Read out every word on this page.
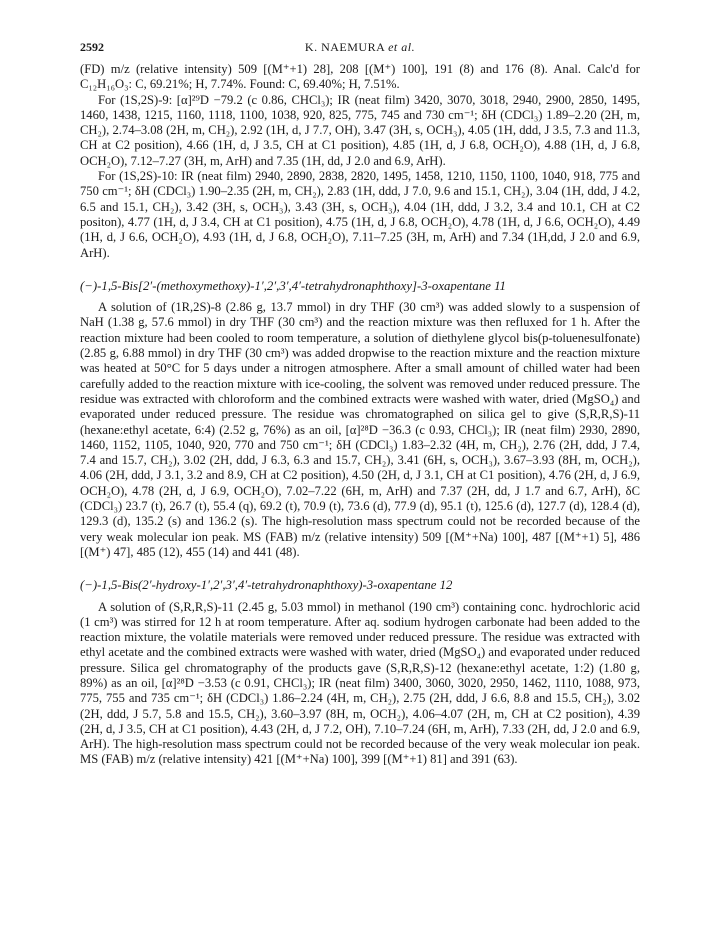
2592	K. NAEMURA et al.

(FD) m/z (relative intensity) 509 [(M⁺+1) 28], 208 [(M⁺) 100], 191 (8) and 176 (8). Anal. Calc'd for C₁₂H₁₆O₃: C, 69.21%; H, 7.74%. Found: C, 69.40%; H, 7.51%.

For (1S,2S)-9: [α]²⁹D −79.2 (c 0.86, CHCl₃); IR (neat film) 3420, 3070, 3018, 2940, 2900, 2850, 1495, 1460, 1438, 1215, 1160, 1118, 1100, 1038, 920, 825, 775, 745 and 730 cm⁻¹; δH (CDCl₃) 1.89–2.20 (2H, m, CH₂), 2.74–3.08 (2H, m, CH₂), 2.92 (1H, d, J 7.7, OH), 3.47 (3H, s, OCH₃), 4.05 (1H, ddd, J 3.5, 7.3 and 11.3, CH at C2 position), 4.66 (1H, d, J 3.5, CH at C1 position), 4.85 (1H, d, J 6.8, OCH₂O), 4.88 (1H, d, J 6.8, OCH₂O), 7.12–7.27 (3H, m, ArH) and 7.35 (1H, dd, J 2.0 and 6.9, ArH).

For (1S,2S)-10: IR (neat film) 2940, 2890, 2838, 2820, 1495, 1458, 1210, 1150, 1100, 1040, 918, 775 and 750 cm⁻¹; δH (CDCl₃) 1.90–2.35 (2H, m, CH₂), 2.83 (1H, ddd, J 7.0, 9.6 and 15.1, CH₂), 3.04 (1H, ddd, J 4.2, 6.5 and 15.1, CH₂), 3.42 (3H, s, OCH₃), 3.43 (3H, s, OCH₃), 4.04 (1H, ddd, J 3.2, 3.4 and 10.1, CH at C2 positon), 4.77 (1H, d, J 3.4, CH at C1 position), 4.75 (1H, d, J 6.8, OCH₂O), 4.78 (1H, d, J 6.6, OCH₂O), 4.49 (1H, d, J 6.6, OCH₂O), 4.93 (1H, d, J 6.8, OCH₂O), 7.11–7.25 (3H, m, ArH) and 7.34 (1H,dd, J 2.0 and 6.9, ArH).

(−)-1,5-Bis[2′-(methoxymethoxy)-1′,2′,3′,4′-tetrahydronaphthoxy]-3-oxapentane 11

A solution of (1R,2S)-8 (2.86 g, 13.7 mmol) in dry THF (30 cm³) was added slowly to a suspension of NaH (1.38 g, 57.6 mmol) in dry THF (30 cm³) and the reaction mixture was then refluxed for 1 h. After the reaction mixture had been cooled to room temperature, a solution of diethylene glycol bis(p-toluenesulfonate) (2.85 g, 6.88 mmol) in dry THF (30 cm³) was added dropwise to the reaction mixture and the reaction mixture was heated at 50°C for 5 days under a nitrogen atmosphere. After a small amount of chilled water had been carefully added to the reaction mixture with ice-cooling, the solvent was removed under reduced pressure. The residue was extracted with chloroform and the combined extracts were washed with water, dried (MgSO₄) and evaporated under reduced pressure. The residue was chromatographed on silica gel to give (S,R,R,S)-11 (hexane:ethyl acetate, 6:4) (2.52 g, 76%) as an oil, [α]²⁸D −36.3 (c 0.93, CHCl₃); IR (neat film) 2930, 2890, 1460, 1152, 1105, 1040, 920, 770 and 750 cm⁻¹; δH (CDCl₃) 1.83–2.32 (4H, m, CH₂), 2.76 (2H, ddd, J 7.4, 7.4 and 15.7, CH₂), 3.02 (2H, ddd, J 6.3, 6.3 and 15.7, CH₂), 3.41 (6H, s, OCH₃), 3.67–3.93 (8H, m, OCH₂), 4.06 (2H, ddd, J 3.1, 3.2 and 8.9, CH at C2 position), 4.50 (2H, d, J 3.1, CH at C1 position), 4.76 (2H, d, J 6.9, OCH₂O), 4.78 (2H, d, J 6.9, OCH₂O), 7.02–7.22 (6H, m, ArH) and 7.37 (2H, dd, J 1.7 and 6.7, ArH), δC (CDCl₃) 23.7 (t), 26.7 (t), 55.4 (q), 69.2 (t), 70.9 (t), 73.6 (d), 77.9 (d), 95.1 (t), 125.6 (d), 127.7 (d), 128.4 (d), 129.3 (d), 135.2 (s) and 136.2 (s). The high-resolution mass spectrum could not be recorded because of the very weak molecular ion peak. MS (FAB) m/z (relative intensity) 509 [(M⁺+Na) 100], 487 [(M⁺+1) 5], 486 [(M⁺) 47], 485 (12), 455 (14) and 441 (48).

(−)-1,5-Bis(2′-hydroxy-1′,2′,3′,4′-tetrahydronaphthoxy)-3-oxapentane 12

A solution of (S,R,R,S)-11 (2.45 g, 5.03 mmol) in methanol (190 cm³) containing conc. hydrochloric acid (1 cm³) was stirred for 12 h at room temperature. After aq. sodium hydrogen carbonate had been added to the reaction mixture, the volatile materials were removed under reduced pressure. The residue was extracted with ethyl acetate and the combined extracts were washed with water, dried (MgSO₄) and evaporated under reduced pressure. Silica gel chromatography of the products gave (S,R,R,S)-12 (hexane:ethyl acetate, 1:2) (1.80 g, 89%) as an oil, [α]²⁸D −3.53 (c 0.91, CHCl₃); IR (neat film) 3400, 3060, 3020, 2950, 1462, 1110, 1088, 973, 775, 755 and 735 cm⁻¹; δH (CDCl₃) 1.86–2.24 (4H, m, CH₂), 2.75 (2H, ddd, J 6.6, 8.8 and 15.5, CH₂), 3.02 (2H, ddd, J 5.7, 5.8 and 15.5, CH₂), 3.60–3.97 (8H, m, OCH₂), 4.06–4.07 (2H, m, CH at C2 position), 4.39 (2H, d, J 3.5, CH at C1 position), 4.43 (2H, d, J 7.2, OH), 7.10–7.24 (6H, m, ArH), 7.33 (2H, dd, J 2.0 and 6.9, ArH). The high-resolution mass spectrum could not be recorded because of the very weak molecular ion peak. MS (FAB) m/z (relative intensity) 421 [(M⁺+Na) 100], 399 [(M⁺+1) 81] and 391 (63).
